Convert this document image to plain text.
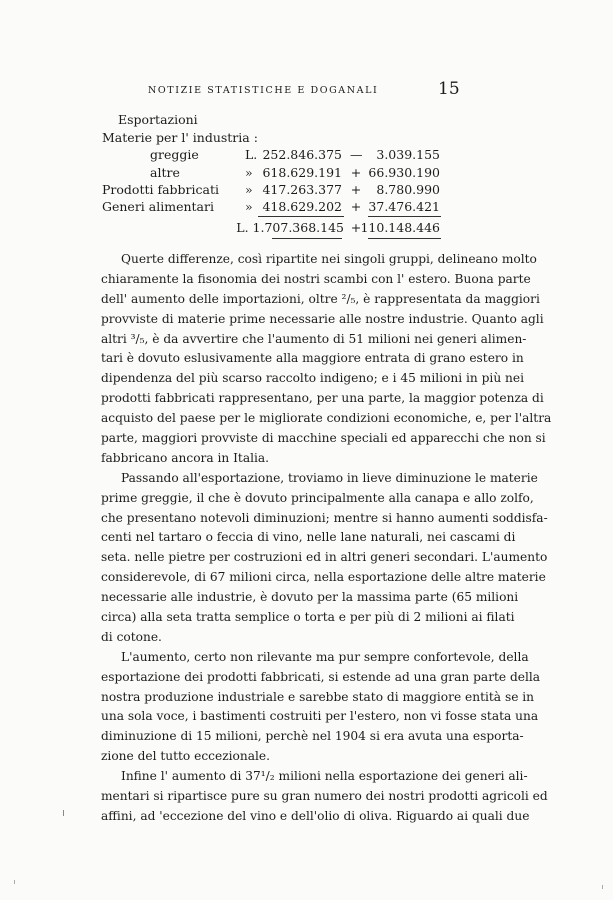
NOTIZIE STATISTICHE E DOGANALI	15
Esportazioni
Materie per l' industria :
greggie	L. 252.846.375 —	3.039.155
altre	» 618.629.191 + 66.930.190
Prodotti fabbricati » 417.263.377 +	8.780.990
Generi alimentari » 418.629.202 + 37.476.421
L. 1.707.368.145 + 110.148.446
Querte differenze, così ripartite nei singoli gruppi, delineano molto
chiaramente la fisonomia dei nostri scambi con l' estero. Buona parte
dell' aumento delle importazioni, oltre ²/₅, è rappresentata da maggiori
provviste di materie prime necessarie alle nostre industrie. Quanto agli
altri ³/₅, è da avvertire che l'aumento di 51 milioni nei generi alimen-
tari è dovuto eslusivamente alla maggiore entrata di grano estero in
dipendenza del più scarso raccolto indigeno; e i 45 milioni in più nei
prodotti fabbricati rappresentano, per una parte, la maggior potenza di
acquisto del paese per le migliorate condizioni economiche, e, per l'altra
parte, maggiori provviste di macchine speciali ed apparecchi che non si
fabbricano ancora in Italia.
Passando all'esportazione, troviamo in lieve diminuzione le materie
prime greggie, il che è dovuto principalmente alla canapa e allo zolfo,
che presentano notevoli diminuzioni; mentre si hanno aumenti soddisfa-
centi nel tartaro o feccia di vino, nelle lane naturali, nei cascami di
seta. nelle pietre per costruzioni ed in altri generi secondari. L'aumento
considerevole, di 67 milioni circa, nella esportazione delle altre materie
necessarie alle industrie, è dovuto per la massima parte (65 milioni
circa) alla seta tratta semplice o torta e per più di 2 milioni ai filati
di cotone.
L'aumento, certo non rilevante ma pur sempre confortevole, della
esportazione dei prodotti fabbricati, si estende ad una gran parte della
nostra produzione industriale e sarebbe stato di maggiore entità se in
una sola voce, i bastimenti costruiti per l'estero, non vi fosse stata una
diminuzione di 15 milioni, perchè nel 1904 si era avuta una esporta-
zione del tutto eccezionale.
Infine l' aumento di 37¹/₂ milioni nella esportazione dei generi ali-
mentari si ripartisce pure su gran numero dei nostri prodotti agricoli ed
affini, ad 'eccezione del vino e dell'olio di oliva. Riguardo ai quali due
